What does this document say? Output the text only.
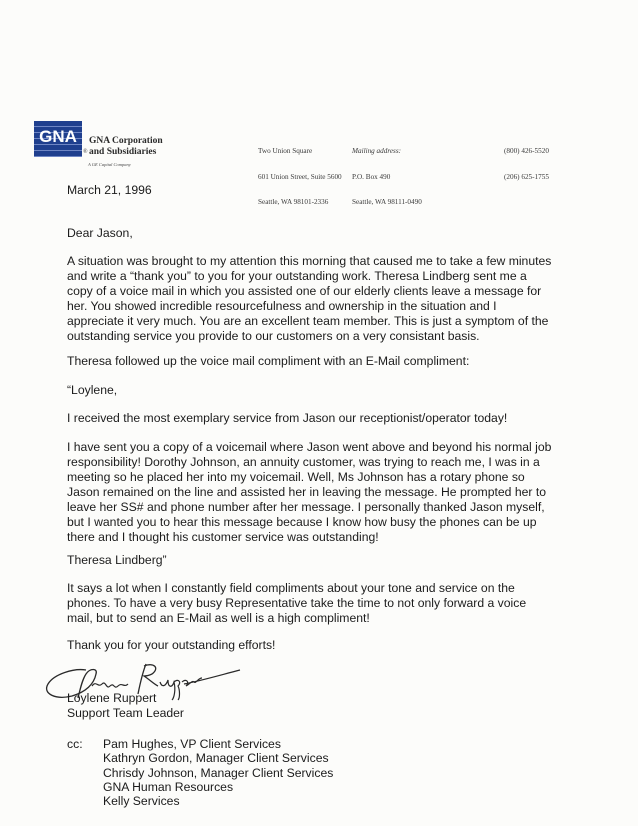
GNA
®
GNA Corporation
and Subsidiaries
A GE Capital Company

Two Union Square

601 Union Street, Suite 5600

Seattle, WA 98101-2336

Mailing address:

P.O. Box 490

Seattle, WA 98111-0490

(800) 426-5520

(206) 625-1755

March 21, 1996
Dear Jason,
A situation was brought to my attention this morning that caused me to take a few minutes
and write a “thank you” to you for your outstanding work. Theresa Lindberg sent me a
copy of a voice mail in which you assisted one of our elderly clients leave a message for
her. You showed incredible resourcefulness and ownership in the situation and I
appreciate it very much. You are an excellent team member. This is just a symptom of the
outstanding service you provide to our customers on a very consistant basis.
Theresa followed up the voice mail compliment with an E-Mail compliment:
“Loylene,
I received the most exemplary service from Jason our receptionist/operator today!
I have sent you a copy of a voicemail where Jason went above and beyond his normal job
responsibility! Dorothy Johnson, an annuity customer, was trying to reach me, I was in a
meeting so he placed her into my voicemail. Well, Ms Johnson has a rotary phone so
Jason remained on the line and assisted her in leaving the message. He prompted her to
leave her SS# and phone number after her message. I personally thanked Jason myself,
but I wanted you to hear this message because I know how busy the phones can be up
there and I thought his customer service was outstanding!
Theresa Lindberg”
It says a lot when I constantly field compliments about your tone and service on the
phones. To have a very busy Representative take the time to not only forward a voice
mail, but to send an E-Mail as well is a high compliment!
Thank you for your outstanding efforts!
Loylene Ruppert
Support Team Leader
cc: Pam Hughes, VP Client Services
Kathryn Gordon, Manager Client Services
Chrisdy Johnson, Manager Client Services
GNA Human Resources
Kelly Services
